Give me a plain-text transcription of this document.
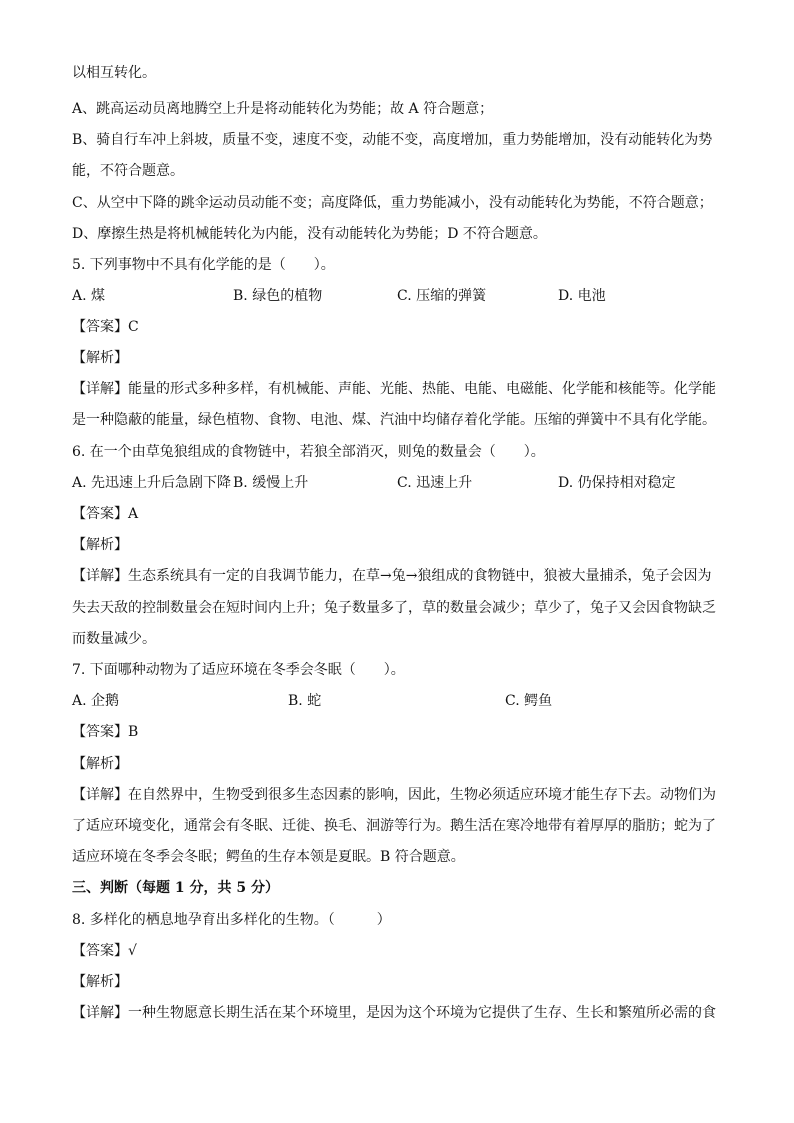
以相互转化。
A、跳高运动员离地腾空上升是将动能转化为势能；故 A 符合题意；
B、骑自行车冲上斜坡，质量不变，速度不变，动能不变，高度增加，重力势能增加，没有动能转化为势
能，不符合题意。
C、从空中下降的跳伞运动员动能不变；高度降低，重力势能减小，没有动能转化为势能，不符合题意；
D、摩擦生热是将机械能转化为内能，没有动能转化为势能；D 不符合题意。
5. 下列事物中不具有化学能的是（　　）。
A. 煤	B. 绿色的植物	C. 压缩的弹簧	D. 电池
【答案】C
【解析】
【详解】能量的形式多种多样，有机械能、声能、光能、热能、电能、电磁能、化学能和核能等。化学能
是一种隐蔽的能量，绿色植物、食物、电池、煤、汽油中均储存着化学能。压缩的弹簧中不具有化学能。
6. 在一个由草兔狼组成的食物链中，若狼全部消灭，则兔的数量会（　　）。
A. 先迅速上升后急剧下降 B. 缓慢上升	C. 迅速上升	D. 仍保持相对稳定
【答案】A
【解析】
【详解】生态系统具有一定的自我调节能力，在草→兔→狼组成的食物链中，狼被大量捕杀，兔子会因为
失去天敌的控制数量会在短时间内上升；兔子数量多了，草的数量会减少；草少了，兔子又会因食物缺乏
而数量减少。
7. 下面哪种动物为了适应环境在冬季会冬眠（　　）。
A. 企鹅	B. 蛇	C. 鳄鱼
【答案】B
【解析】
【详解】在自然界中，生物受到很多生态因素的影响，因此，生物必须适应环境才能生存下去。动物们为
了适应环境变化，通常会有冬眠、迁徙、换毛、洄游等行为。鹅生活在寒冷地带有着厚厚的脂肪；蛇为了
适应环境在冬季会冬眠；鳄鱼的生存本领是夏眠。B 符合题意。
三、判断（每题 1 分，共 5 分）
8. 多样化的栖息地孕育出多样化的生物。（　　　）
【答案】√
【解析】
【详解】一种生物愿意长期生活在某个环境里，是因为这个环境为它提供了生存、生长和繁殖所必需的食
